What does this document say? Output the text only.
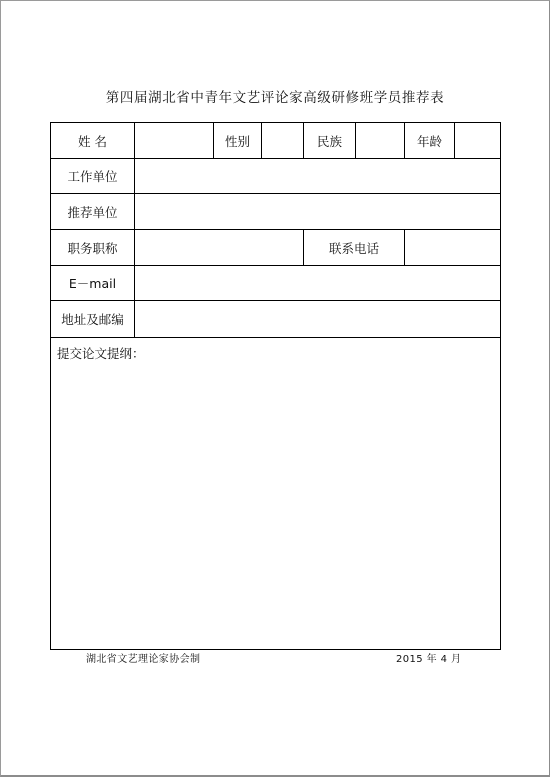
第四届湖北省中青年文艺评论家高级研修班学员推荐表
姓 名		性别		民族		年龄	
工作单位							
推荐单位							
职务职称				联系电话			
E－mail							
地址及邮编							
提交论文提纲：							
湖北省文艺理论家协会制	2015 年 4 月
